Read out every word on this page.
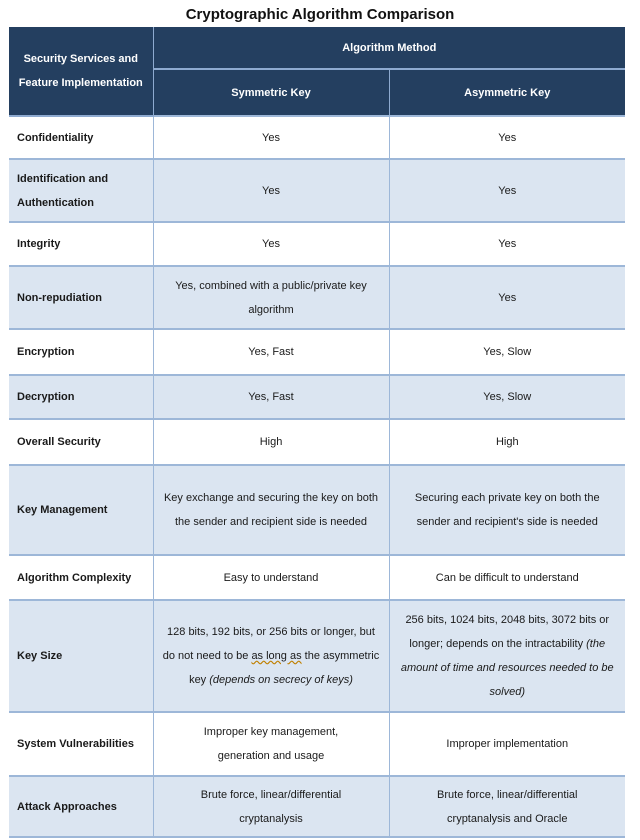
Cryptographic Algorithm Comparison
Security Services and Feature Implementation	Algorithm Method	
	Symmetric Key	Asymmetric Key
Confidentiality	Yes	Yes
Identification and Authentication	Yes	Yes
Integrity	Yes	Yes
Non-repudiation	Yes, combined with a public/private key algorithm	Yes
Encryption	Yes, Fast	Yes, Slow
Decryption	Yes, Fast	Yes, Slow
Overall Security	High	High
Key Management	Key exchange and securing the key on both the sender and recipient side is needed	Securing each private key on both the sender and recipient's side is needed
Algorithm Complexity	Easy to understand	Can be difficult to understand
Key Size	128 bits, 192 bits, or 256 bits or longer, but do not need to be as long as the asymmetric key (depends on secrecy of keys)	256 bits, 1024 bits, 2048 bits, 3072 bits or longer; depends on the intractability (the amount of time and resources needed to be solved)
System Vulnerabilities	Improper key management, generation and usage	Improper implementation
Attack Approaches	Brute force, linear/differential cryptanalysis	Brute force, linear/differential cryptanalysis and Oracle
